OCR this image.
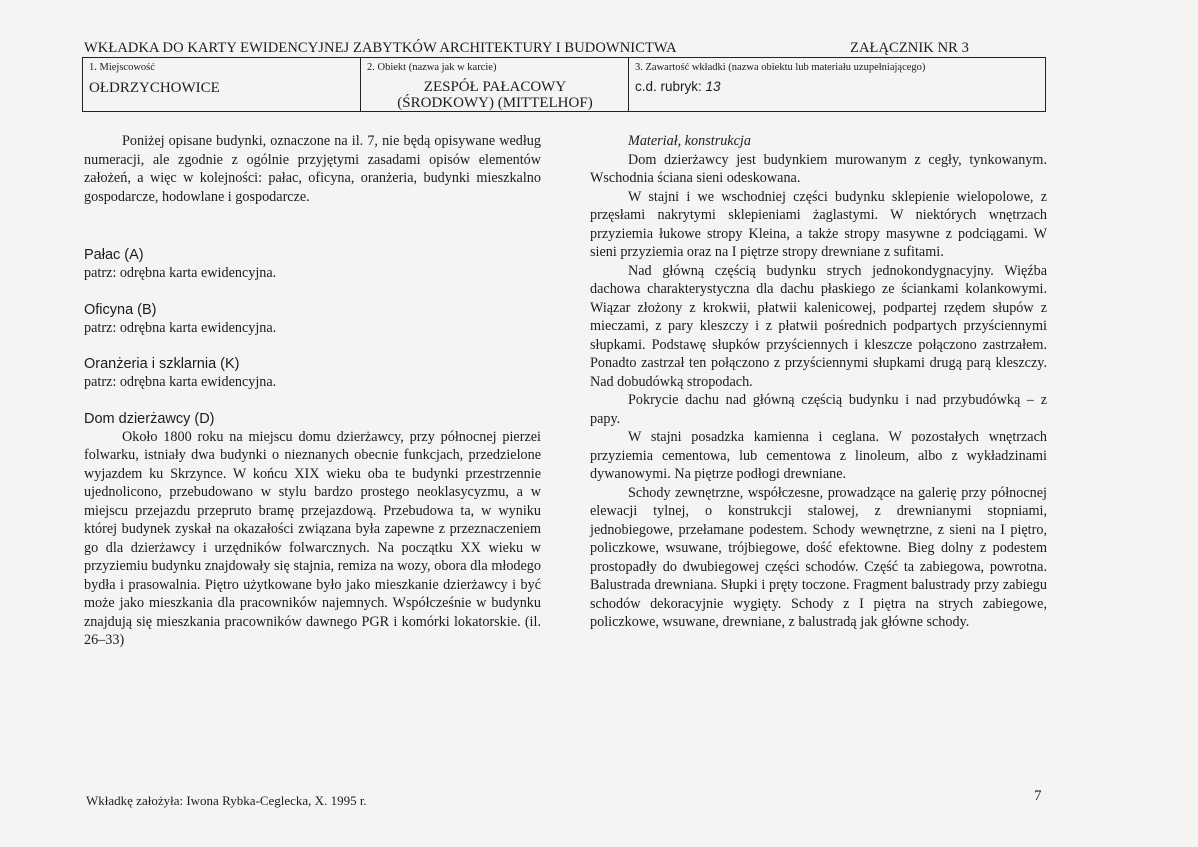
WKŁADKA DO KARTY EWIDENCYJNEJ ZABYTKÓW ARCHITEKTURY I BUDOWNICTWA	ZAŁĄCZNIK NR 3
1. Miejscowość
OŁDRZYCHOWICE
2. Obiekt (nazwa jak w karcie)
ZESPÓŁ PAŁACOWY
(ŚRODKOWY) (MITTELHOF)
3. Zawartość wkładki (nazwa obiektu lub materiału uzupełniającego)
c.d. rubryk: 13

Poniżej opisane budynki, oznaczone na il. 7, nie będą opisywane według numeracji, ale zgodnie z ogólnie przyjętymi zasadami opisów elementów założeń, a więc w kolejności: pałac, oficyna, oranżeria, budynki mieszkalno gospodarcze, hodowlane i gospodarcze.

Pałac (A)

patrz: odrębna karta ewidencyjna.

Oficyna (B)

patrz: odrębna karta ewidencyjna.

Oranżeria i szklarnia (K)

patrz: odrębna karta ewidencyjna.

Dom dzierżawcy (D)

Około 1800 roku na miejscu domu dzierżawcy, przy północnej pierzei folwarku, istniały dwa budynki o nieznanych obecnie funkcjach, przedzielone wyjazdem ku Skrzynce. W końcu XIX wieku oba te budynki przestrzennie ujednolicono, przebudowano w stylu bardzo prostego neoklasycyzmu, a w miejscu przejazdu przepruto bramę przejazdową. Przebudowa ta, w wyniku której budynek zyskał na okazałości związana była zapewne z przeznaczeniem go dla dzierżawcy i urzędników folwarcznych. Na początku XX wieku w przyziemiu budynku znajdowały się stajnia, remiza na wozy, obora dla młodego bydła i prasowalnia. Piętro użytkowane było jako mieszkanie dzierżawcy i być może jako mieszkania dla pracowników najemnych. Współcześnie w budynku znajdują się mieszkania pracowników dawnego PGR i komórki lokatorskie. (il. 26–33)

Materiał, konstrukcja

Dom dzierżawcy jest budynkiem murowanym z cegły, tynkowanym. Wschodnia ściana sieni odeskowana.

W stajni i we wschodniej części budynku sklepienie wielopolowe, z przęsłami nakrytymi sklepieniami żaglastymi. W niektórych wnętrzach przyziemia łukowe stropy Kleina, a także stropy masywne z podciągami. W sieni przyziemia oraz na I piętrze stropy drewniane z sufitami.

Nad główną częścią budynku strych jednokondygnacyjny. Więźba dachowa charakterystyczna dla dachu płaskiego ze ściankami kolankowymi. Wiązar złożony z krokwii, płatwii kalenicowej, podpartej rzędem słupów z mieczami, z pary kleszczy i z płatwii pośrednich podpartych przyściennymi słupkami. Podstawę słupków przyściennych i kleszcze połączono zastrzałem. Ponadto zastrzał ten połączono z przyściennymi słupkami drugą parą kleszczy. Nad dobudówką stropodach.

Pokrycie dachu nad główną częścią budynku i nad przybudówką – z papy.

W stajni posadzka kamienna i ceglana. W pozostałych wnętrzach przyziemia cementowa, lub cementowa z linoleum, albo z wykładzinami dywanowymi. Na piętrze podłogi drewniane.

Schody zewnętrzne, współczesne, prowadzące na galerię przy północnej elewacji tylnej, o konstrukcji stalowej, z drewnianymi stopniami, jednobiegowe, przełamane podestem. Schody wewnętrzne, z sieni na I piętro, policzkowe, wsuwane, trójbiegowe, dość efektowne. Bieg dolny z podestem prostopadły do dwubiegowej części schodów. Część ta zabiegowa, powrotna. Balustrada drewniana. Słupki i pręty toczone. Fragment balustrady przy zabiegu schodów dekoracyjnie wygięty. Schody z I piętra na strych zabiegowe, policzkowe, wsuwane, drewniane, z balustradą jak główne schody.

Wkładkę założyła: Iwona Rybka-Ceglecka, X. 1995 r.	7
